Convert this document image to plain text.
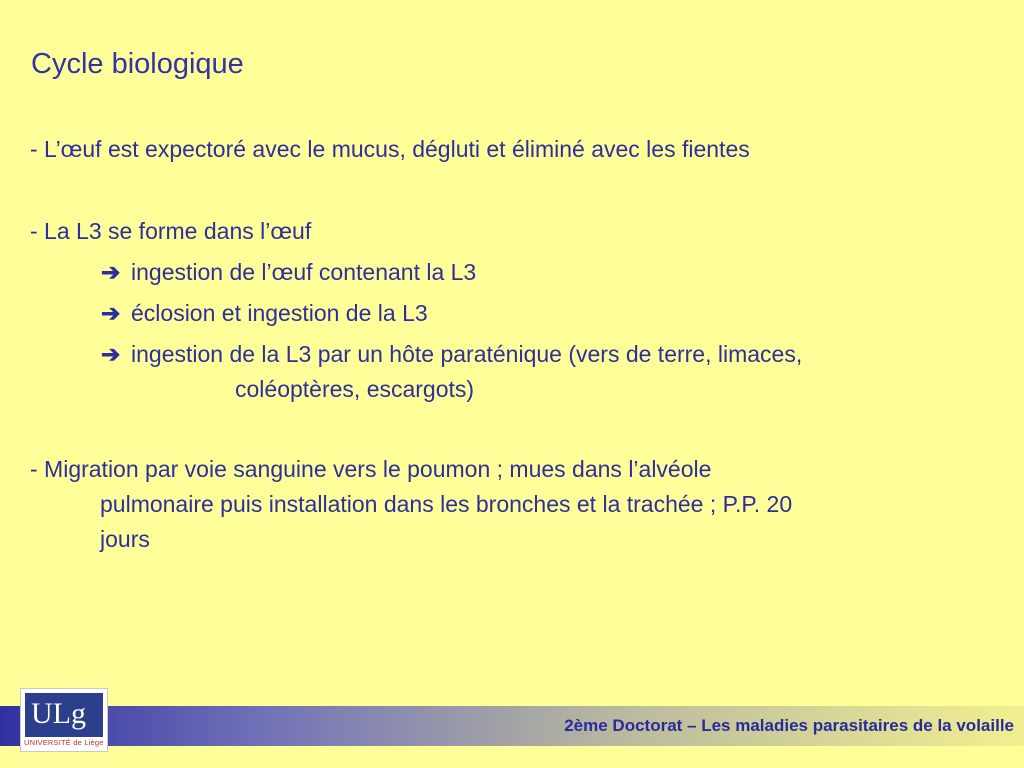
Cycle biologique

- L’œuf est expectoré avec le mucus, dégluti et éliminé avec les fientes

- La L3 se forme dans l’œuf

➔ ingestion de l’œuf contenant la L3
➔ éclosion et ingestion de la L3
➔ ingestion de la L3 par un hôte paraténique (vers de terre, limaces,
coléoptères, escargots)
- Migration par voie sanguine vers le poumon ; mues dans l’alvéole
pulmonaire puis installation dans les bronches et la trachée ; P.P. 20
jours
2ème Doctorat – Les maladies parasitaires de la volaille
ULg
UNIVERSITÉ de Liège
